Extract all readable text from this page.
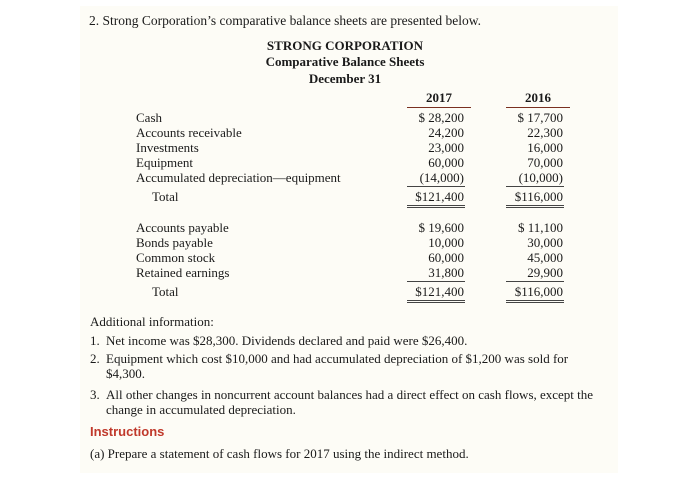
2. Strong Corporation’s comparative balance sheets are presented below.
STRONG CORPORATION
Comparative Balance Sheets
December 31
2017	2016
Cash	$ 28,200	$ 17,700
Accounts receivable	24,200	22,300
Investments	23,000	16,000
Equipment	60,000	70,000
Accumulated depreciation—equipment	(14,000)	(10,000)
Total	$121,400	$116,000
Accounts payable	$ 19,600	$ 11,100
Bonds payable	10,000	30,000
Common stock	60,000	45,000
Retained earnings	31,800	29,900
Total	$121,400	$116,000
Additional information:
1. Net income was $28,300. Dividends declared and paid were $26,400.
2. Equipment which cost $10,000 and had accumulated depreciation of $1,200 was sold for $4,300.
3. All other changes in noncurrent account balances had a direct effect on cash flows, except the change in accumulated depreciation.
Instructions
(a) Prepare a statement of cash flows for 2017 using the indirect method.
